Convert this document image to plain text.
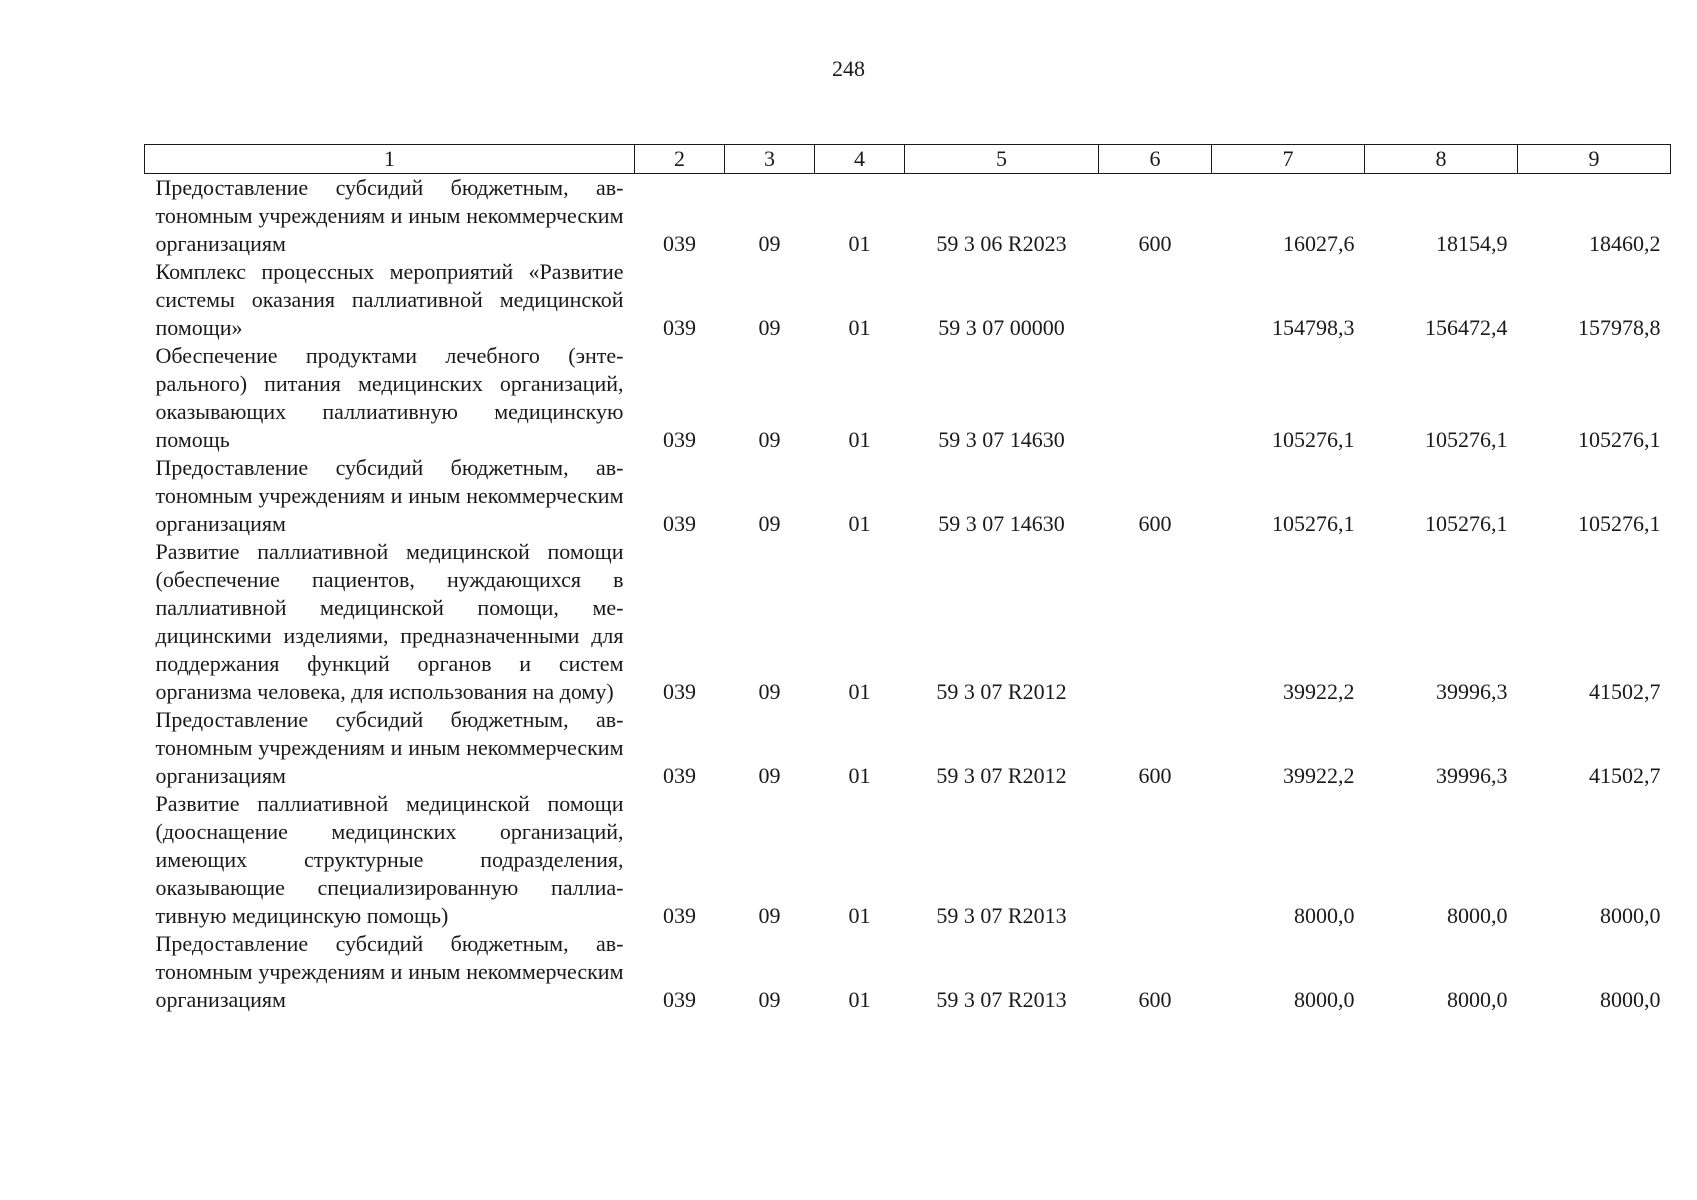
248
1	2	3	4	5	6	7	8	9
Предоставление субсидий бюджетным, автономным учреждениям и иным некоммерческим организациям	039	09	01	59 3 06 R2023	600	16027,6	18154,9	18460,2
Комплекс процессных мероприятий «Развитие системы оказания паллиативной медицинской помощи»	039	09	01	59 3 07 00000		154798,3	156472,4	157978,8
Обеспечение продуктами лечебного (энтерального) питания медицинских организаций, оказывающих паллиативную медицинскую помощь	039	09	01	59 3 07 14630		105276,1	105276,1	105276,1
Предоставление субсидий бюджетным, автономным учреждениям и иным некоммерческим организациям	039	09	01	59 3 07 14630	600	105276,1	105276,1	105276,1
Развитие паллиативной медицинской помощи (обеспечение пациентов, нуждающихся в паллиативной медицинской помощи, медицинскими изделиями, предназначенными для поддержания функций органов и систем организма человека, для использования на дому)	039	09	01	59 3 07 R2012		39922,2	39996,3	41502,7
Предоставление субсидий бюджетным, автономным учреждениям и иным некоммерческим организациям	039	09	01	59 3 07 R2012	600	39922,2	39996,3	41502,7
Развитие паллиативной медицинской помощи (дооснащение медицинских организаций, имеющих структурные подразделения, оказывающие специализированную паллиативную медицинскую помощь)	039	09	01	59 3 07 R2013		8000,0	8000,0	8000,0
Предоставление субсидий бюджетным, автономным учреждениям и иным некоммерческим организациям	039	09	01	59 3 07 R2013	600	8000,0	8000,0	8000,0
